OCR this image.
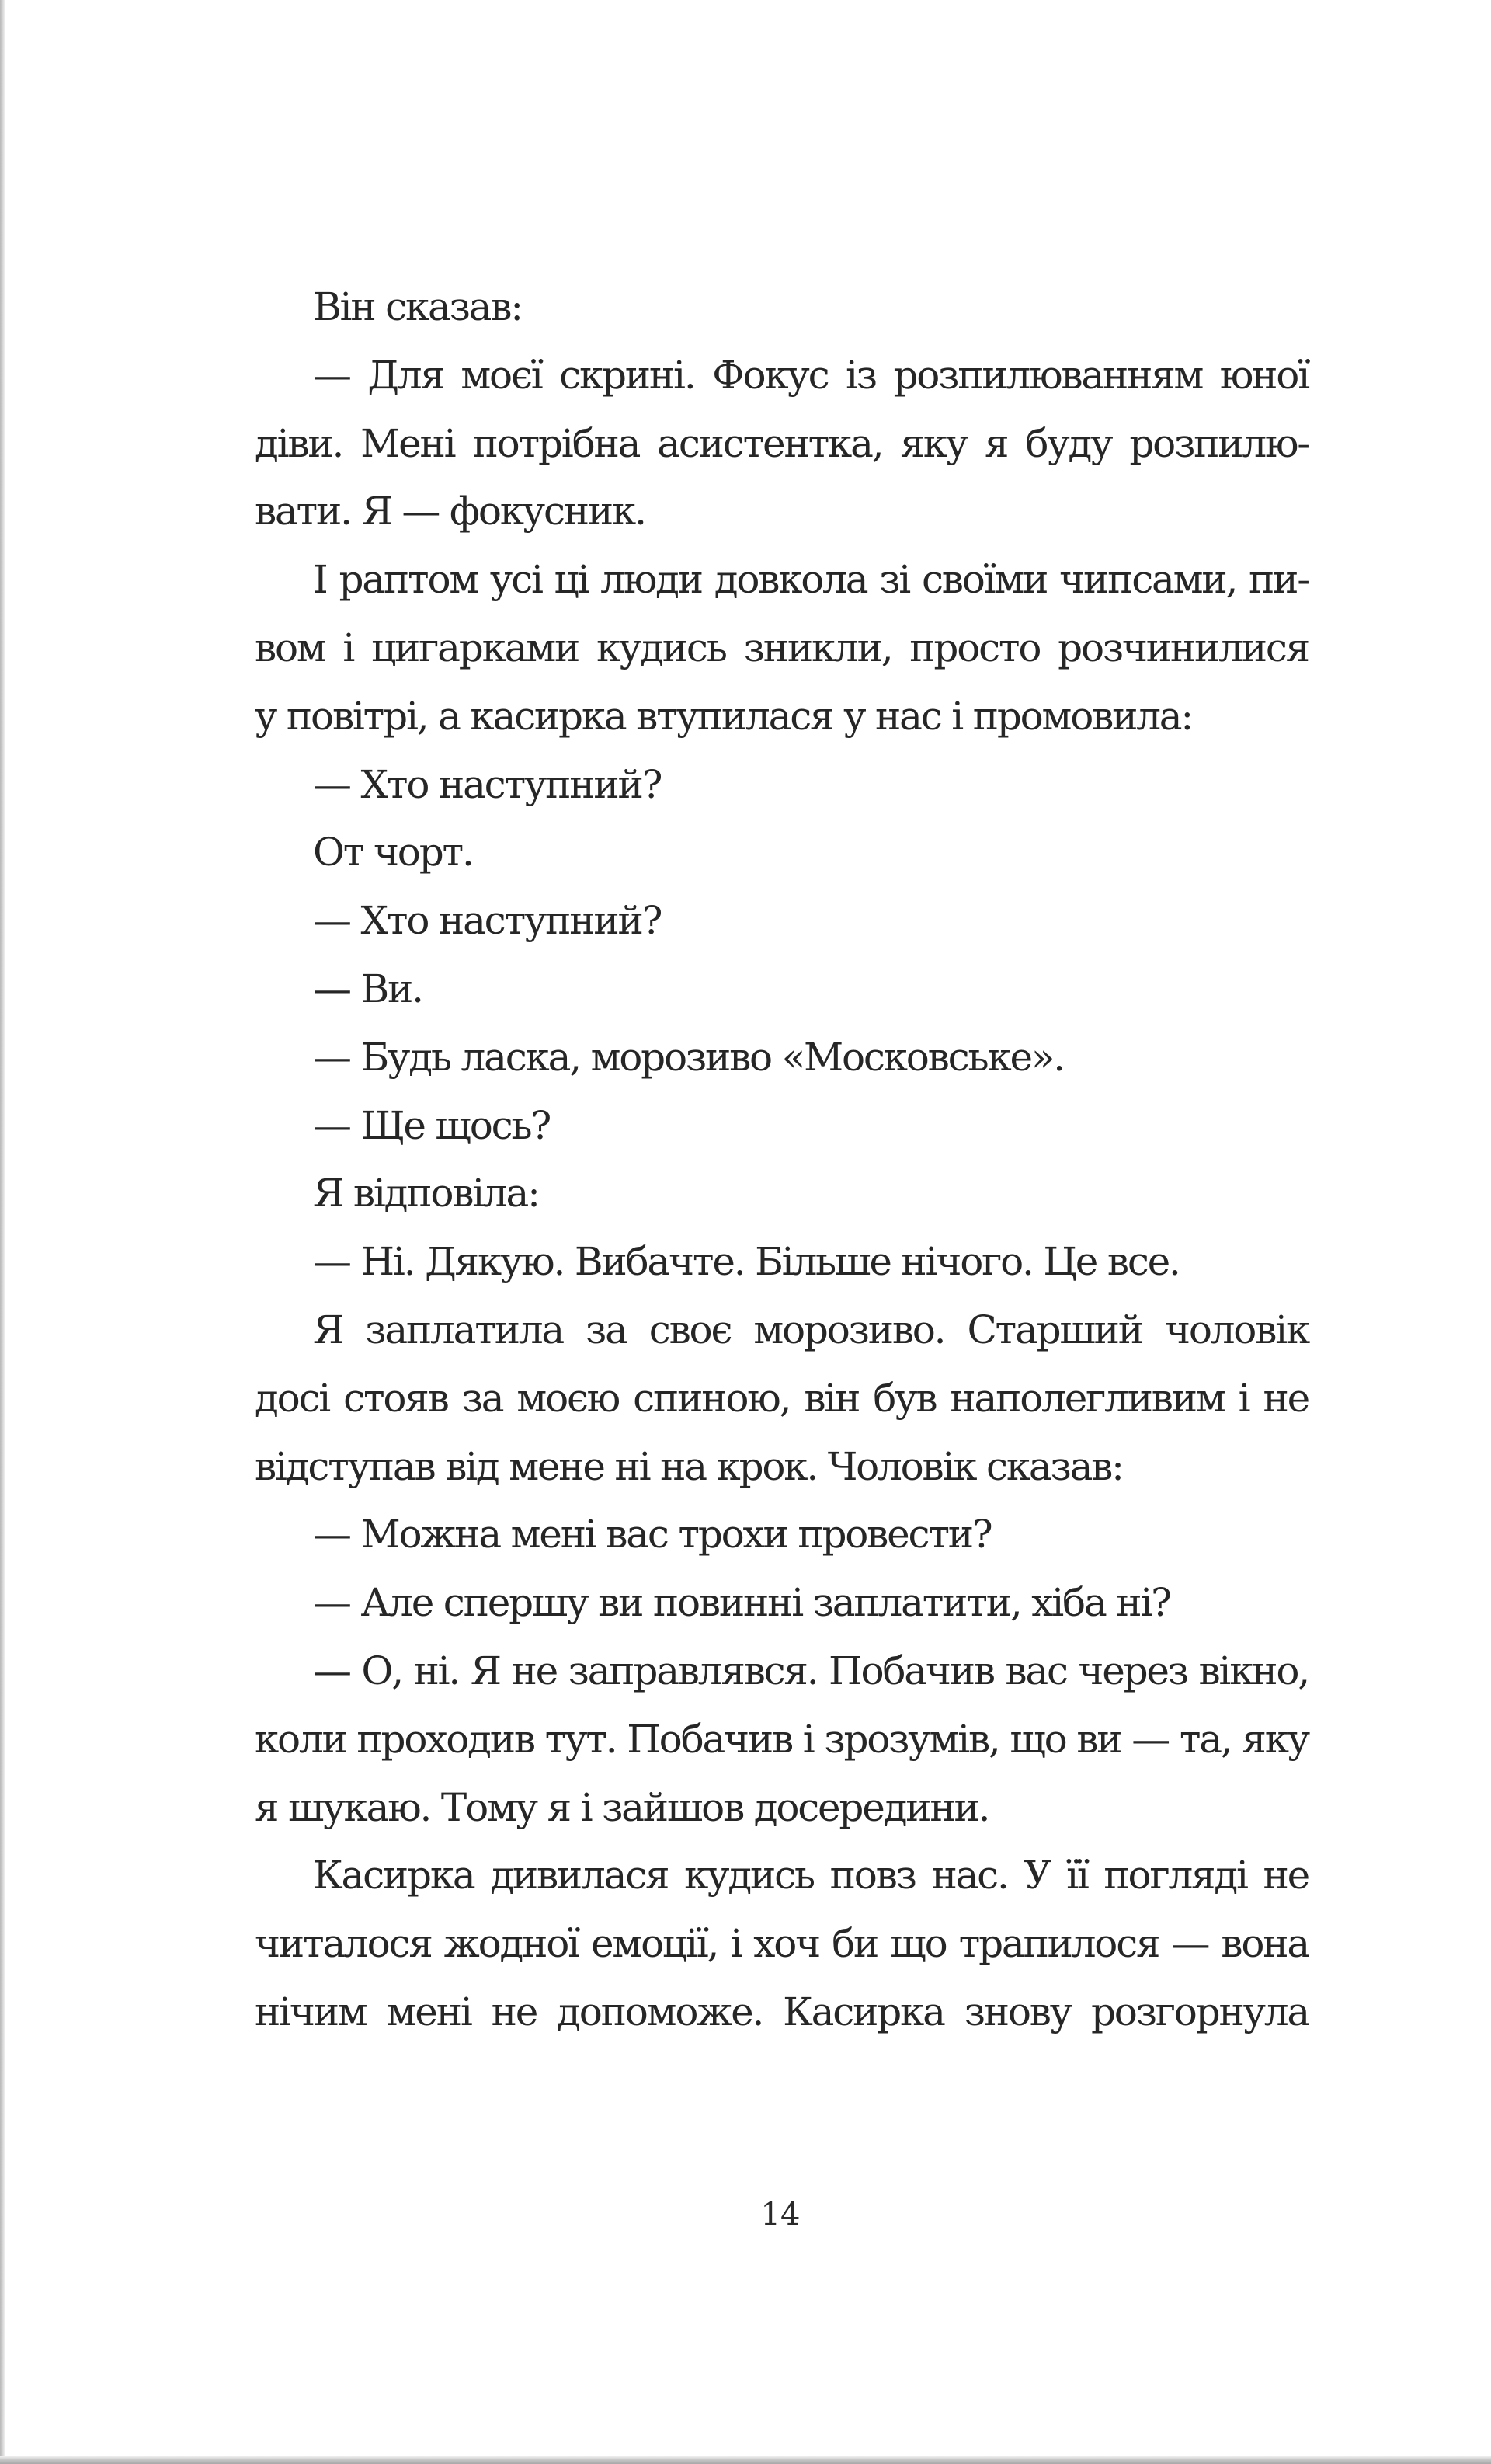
Він сказав:
— Для моєї скрині. Фокус із розпилюванням юної
діви. Мені потрібна асистентка, яку я буду розпилю-
вати. Я — фокусник.
І раптом усі ці люди довкола зі своїми чипсами, пи-
вом і цигарками кудись зникли, просто розчинилися
у повітрі, а касирка втупилася у нас і промовила:
— Хто наступний?
От чорт.
— Хто наступний?
— Ви.
— Будь ласка, морозиво «Московське».
— Ще щось?
Я відповіла:
— Ні. Дякую. Вибачте. Більше нічого. Це все.
Я заплатила за своє морозиво. Старший чоловік
досі стояв за моєю спиною, він був наполегливим і не
відступав від мене ні на крок. Чоловік сказав:
— Можна мені вас трохи провести?
— Але спершу ви повинні заплатити, хіба ні?
— О, ні. Я не заправлявся. Побачив вас через вікно,
коли проходив тут. Побачив і зрозумів, що ви — та, яку
я шукаю. Тому я і зайшов досередини.
Касирка дивилася кудись повз нас. У її погляді не
читалося жодної емоції, і хоч би що трапилося — вона
нічим мені не допоможе. Касирка знову розгорнула
14
